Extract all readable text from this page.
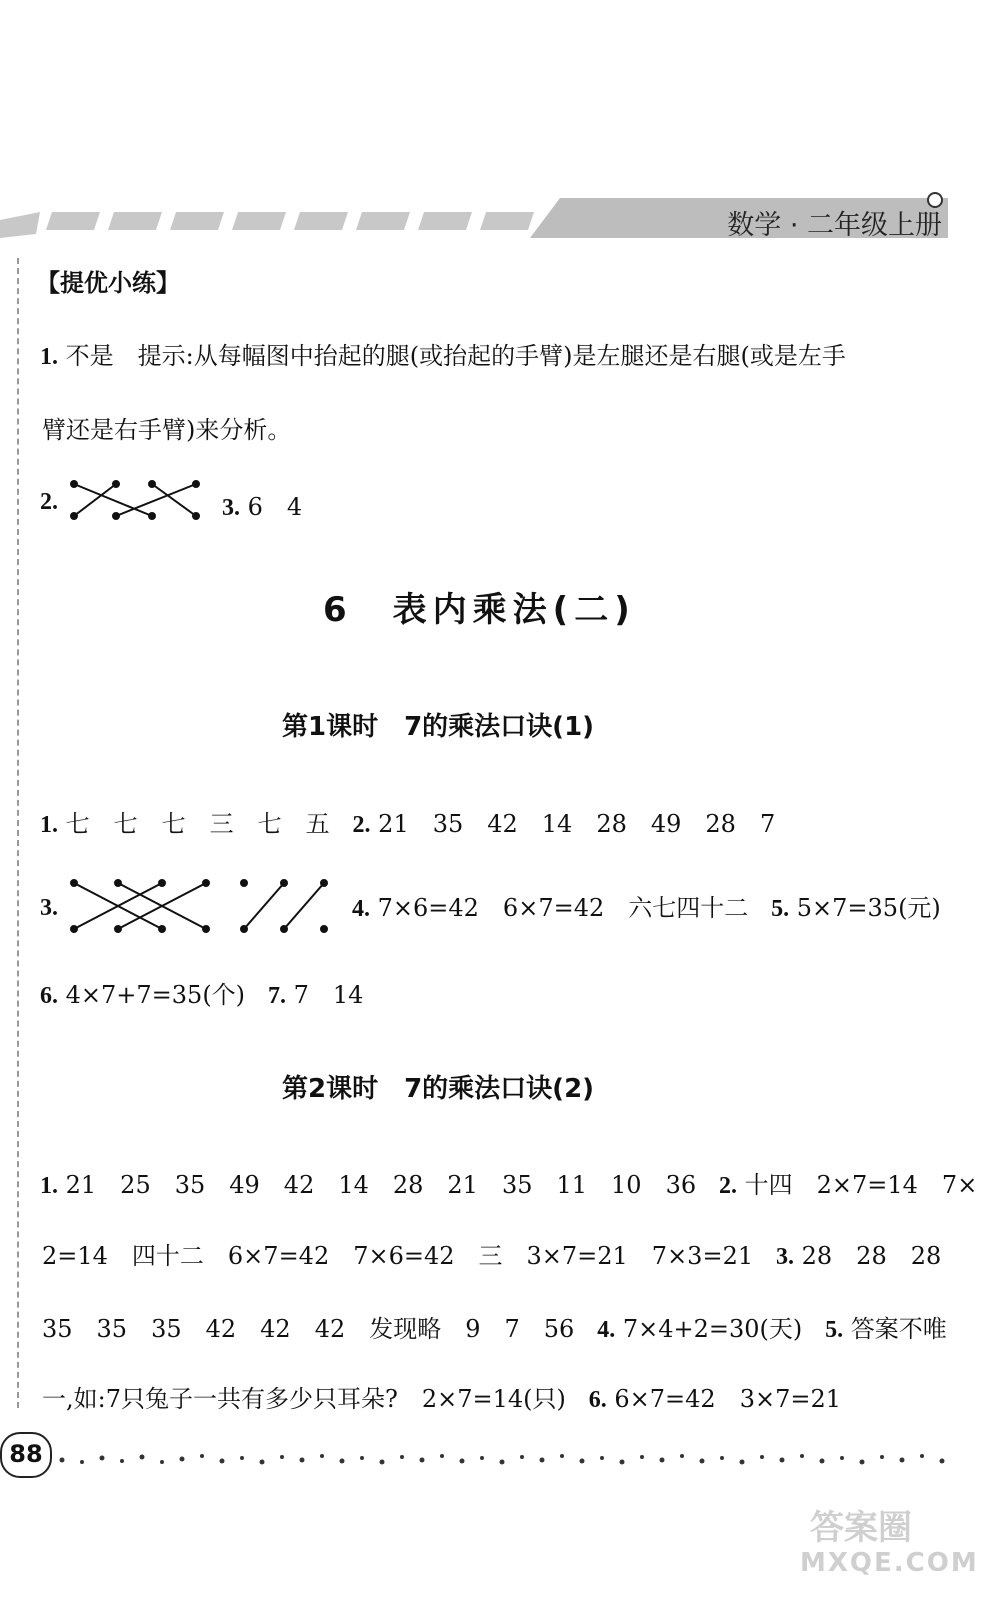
数学 · 二年级上册
【提优小练】
1. 不是　提示:从每幅图中抬起的腿(或抬起的手臂)是左腿还是右腿(或是左手
臂还是右手臂)来分析。
2.	3. 6　4
6　表内乘法(二)
第1课时　7的乘法口诀(1)
1. 七　七　七　三　七　五 2. 21　35　42　14　28　49　28　7
3.	4. 7×6=42　6×7=42　六七四十二 5. 5×7=35(元)
6. 4×7+7=35(个) 7. 7　14
第2课时　7的乘法口诀(2)
1. 21　25　35　49　42　14　28　21　35　11　10　36 2. 十四　2×7=14　7×
2=14　四十二　6×7=42　7×6=42　三　3×7=21　7×3=21 3. 28　28　28
35　35　35　42　42　42　发现略　9　7　56 4. 7×4+2=30(天) 5. 答案不唯
一,如:7只兔子一共有多少只耳朵?　2×7=14(只) 6. 6×7=42　3×7=21
88
答案圈
MXQE.COM
